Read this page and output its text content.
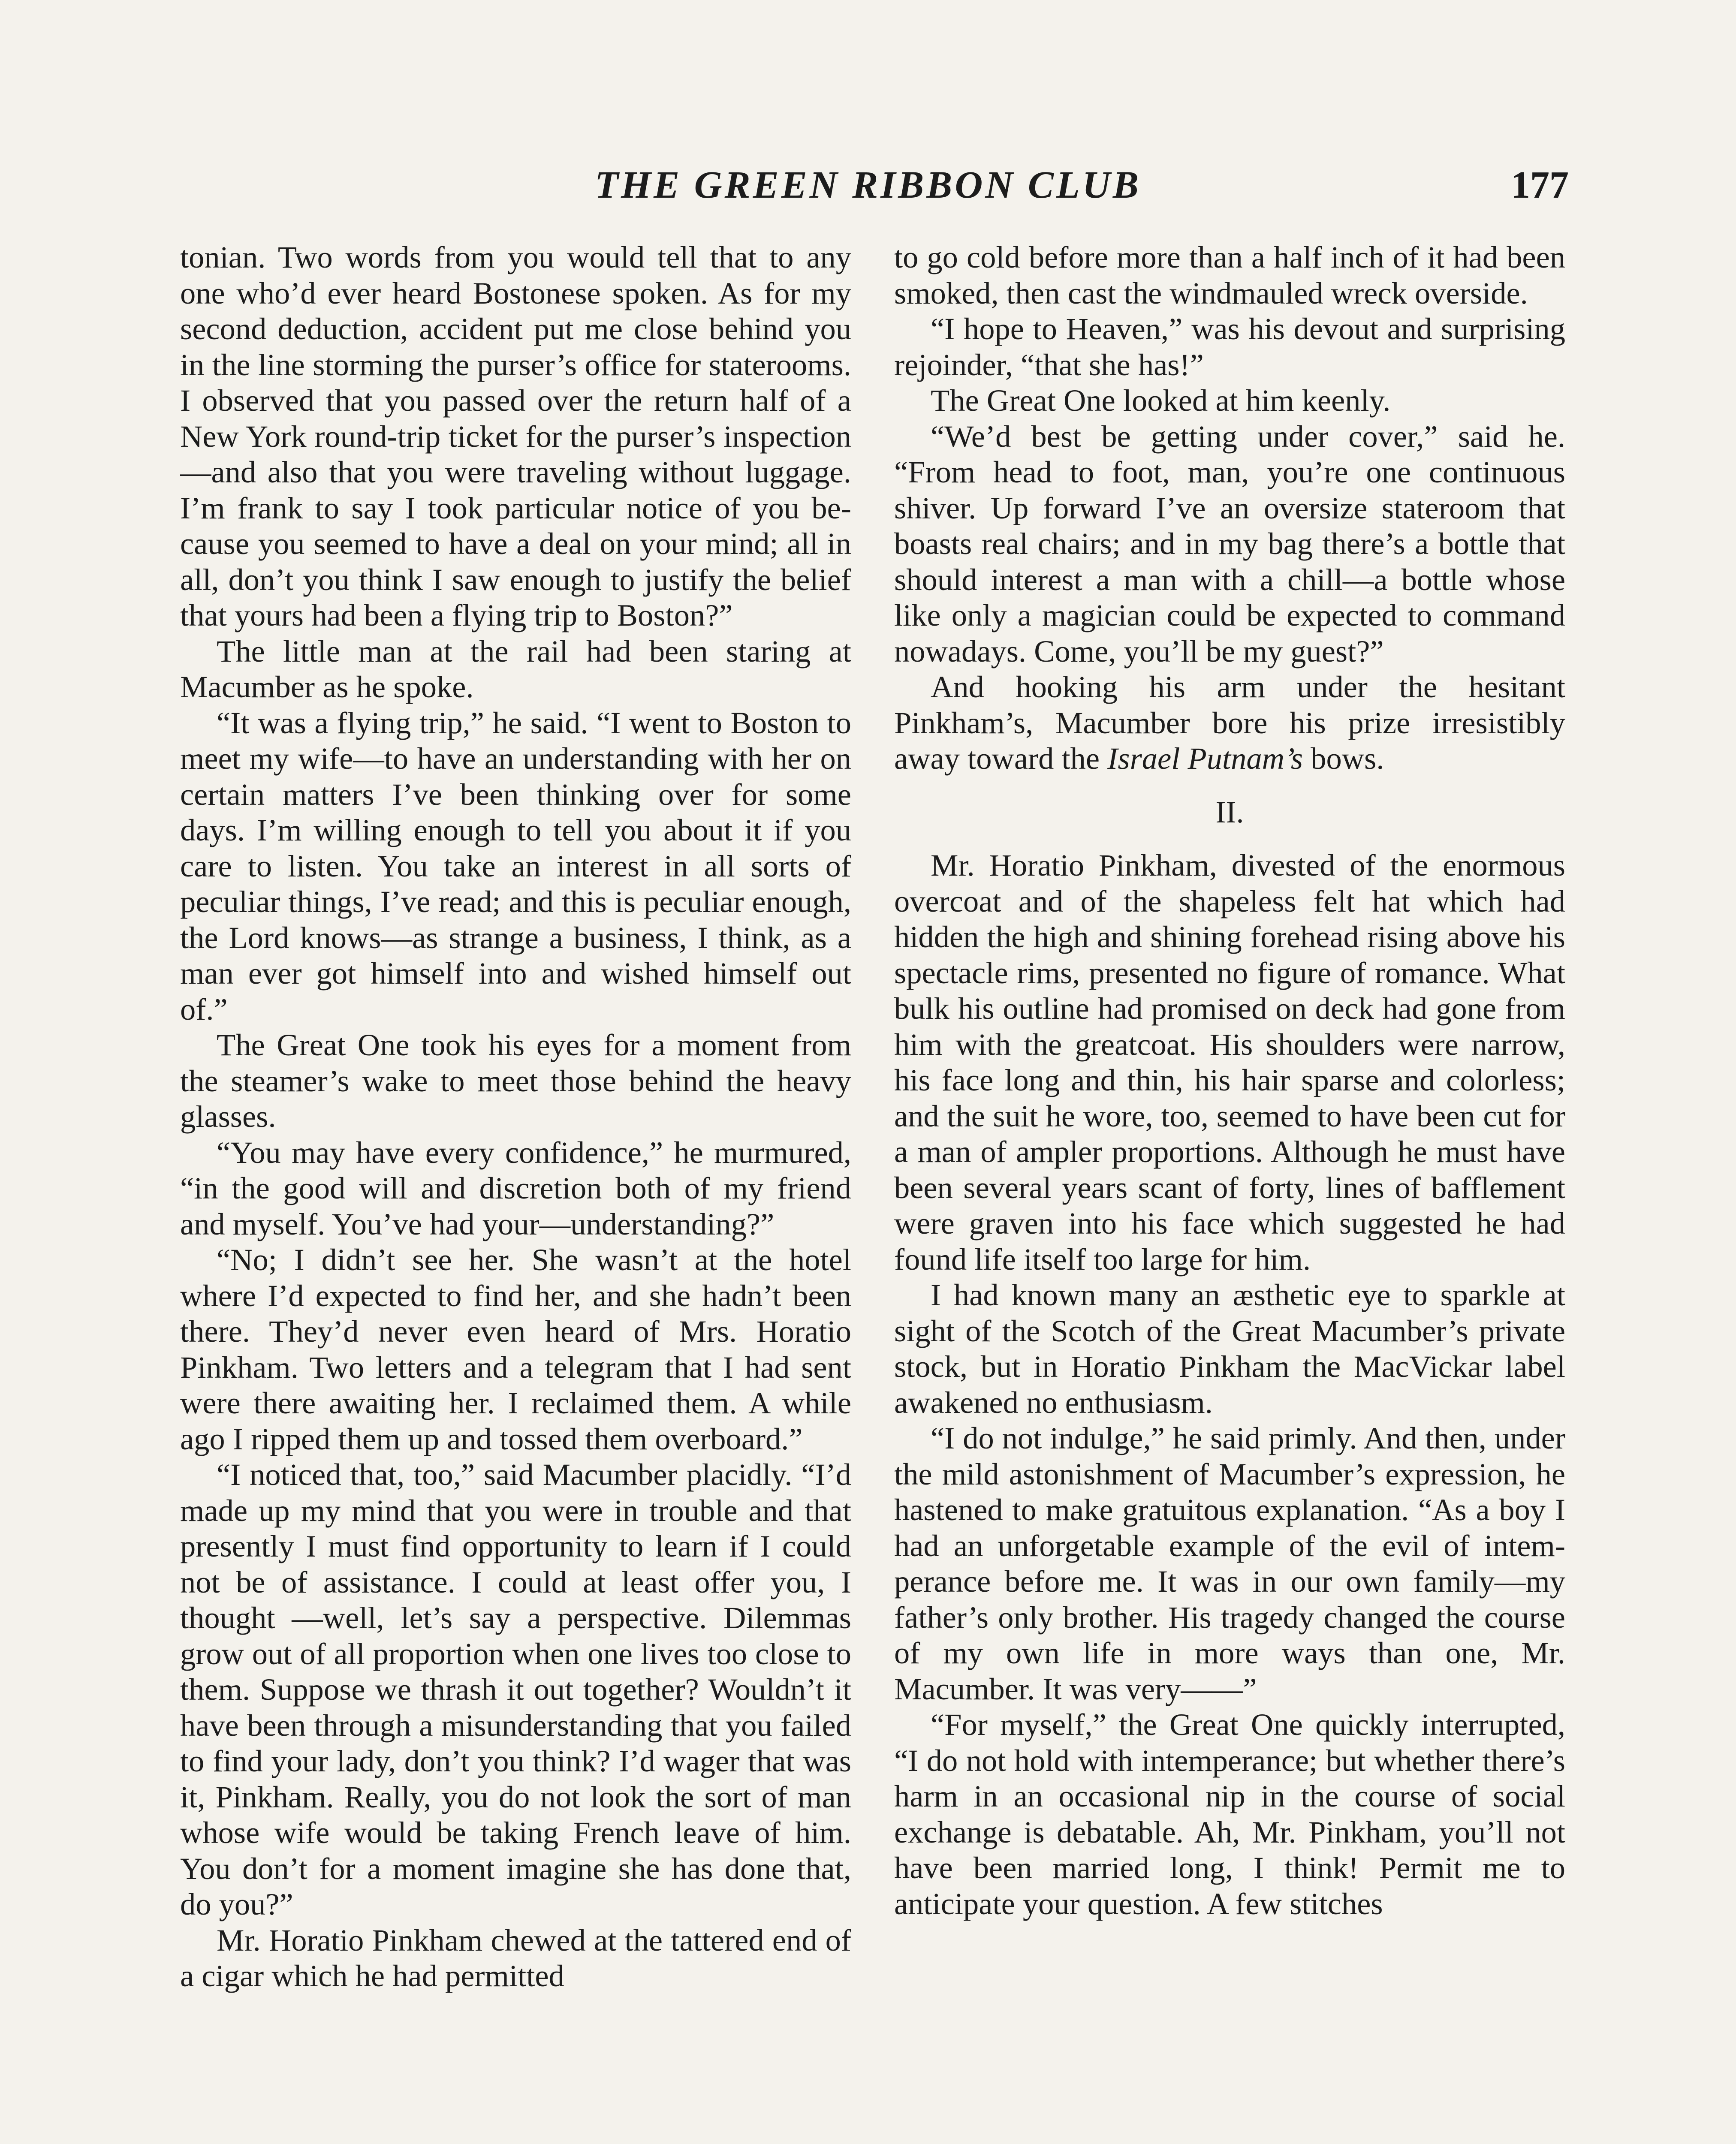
THE GREEN RIBBON CLUB	177

tonian. Two words from you would tell that to any one who’d ever heard Bostonese spoken. As for my second deduction, accident put me close behind you in the line storming the purser’s office for staterooms. I observed that you passed over the return half of a New York round-trip ticket for the purser’s inspection—and also that you were traveling without luggage. I’m frank to say I took particular notice of you because you seemed to have a deal on your mind; all in all, don’t you think I saw enough to justify the belief that yours had been a flying trip to Boston?”

The little man at the rail had been staring at Macumber as he spoke.

“It was a flying trip,” he said. “I went to Boston to meet my wife—to have an understanding with her on certain matters I’ve been thinking over for some days. I’m willing enough to tell you about it if you care to listen. You take an interest in all sorts of peculiar things, I’ve read; and this is peculiar enough, the Lord knows—as strange a business, I think, as a man ever got himself into and wished himself out of.”

The Great One took his eyes for a moment from the steamer’s wake to meet those behind the heavy glasses.

“You may have every confidence,” he murmured, “in the good will and discretion both of my friend and myself. You’ve had your—understanding?”

“No; I didn’t see her. She wasn’t at the hotel where I’d expected to find her, and she hadn’t been there. They’d never even heard of Mrs. Horatio Pinkham. Two letters and a telegram that I had sent were there awaiting her. I reclaimed them. A while ago I ripped them up and tossed them overboard.”

“I noticed that, too,” said Macumber placidly. “I’d made up my mind that you were in trouble and that presently I must find opportunity to learn if I could not be of assistance. I could at least offer you, I thought —well, let’s say a perspective. Dilemmas grow out of all proportion when one lives too close to them. Suppose we thrash it out together? Wouldn’t it have been through a misunderstanding that you failed to find your lady, don’t you think? I’d wager that was it, Pinkham. Really, you do not look the sort of man whose wife would be taking French leave of him. You don’t for a moment imagine she has done that, do you?”

Mr. Horatio Pinkham chewed at the tattered end of a cigar which he had permitted

to go cold before more than a half inch of it had been smoked, then cast the windmauled wreck overside.

“I hope to Heaven,” was his devout and surprising rejoinder, “that she has!”

The Great One looked at him keenly.

“We’d best be getting under cover,” said he. “From head to foot, man, you’re one continuous shiver. Up forward I’ve an oversize stateroom that boasts real chairs; and in my bag there’s a bottle that should interest a man with a chill—a bottle whose like only a magician could be expected to command nowadays. Come, you’ll be my guest?”

And hooking his arm under the hesitant Pinkham’s, Macumber bore his prize irresistibly away toward the Israel Putnam’s bows.

II.

Mr. Horatio Pinkham, divested of the enormous overcoat and of the shapeless felt hat which had hidden the high and shining forehead rising above his spectacle rims, presented no figure of romance. What bulk his outline had promised on deck had gone from him with the greatcoat. His shoulders were narrow, his face long and thin, his hair sparse and colorless; and the suit he wore, too, seemed to have been cut for a man of ampler proportions. Although he must have been several years scant of forty, lines of bafflement were graven into his face which suggested he had found life itself too large for him.

I had known many an æsthetic eye to sparkle at sight of the Scotch of the Great Macumber’s private stock, but in Horatio Pinkham the MacVickar label awakened no enthusiasm.

“I do not indulge,” he said primly. And then, under the mild astonishment of Macumber’s expression, he hastened to make gratuitous explanation. “As a boy I had an unforgetable example of the evil of intemperance before me. It was in our own family—my father’s only brother. His tragedy changed the course of my own life in more ways than one, Mr. Macumber. It was very——”

“For myself,” the Great One quickly interrupted, “I do not hold with intemperance; but whether there’s harm in an occasional nip in the course of social exchange is debatable. Ah, Mr. Pinkham, you’ll not have been married long, I think! Permit me to anticipate your question. A few stitches
